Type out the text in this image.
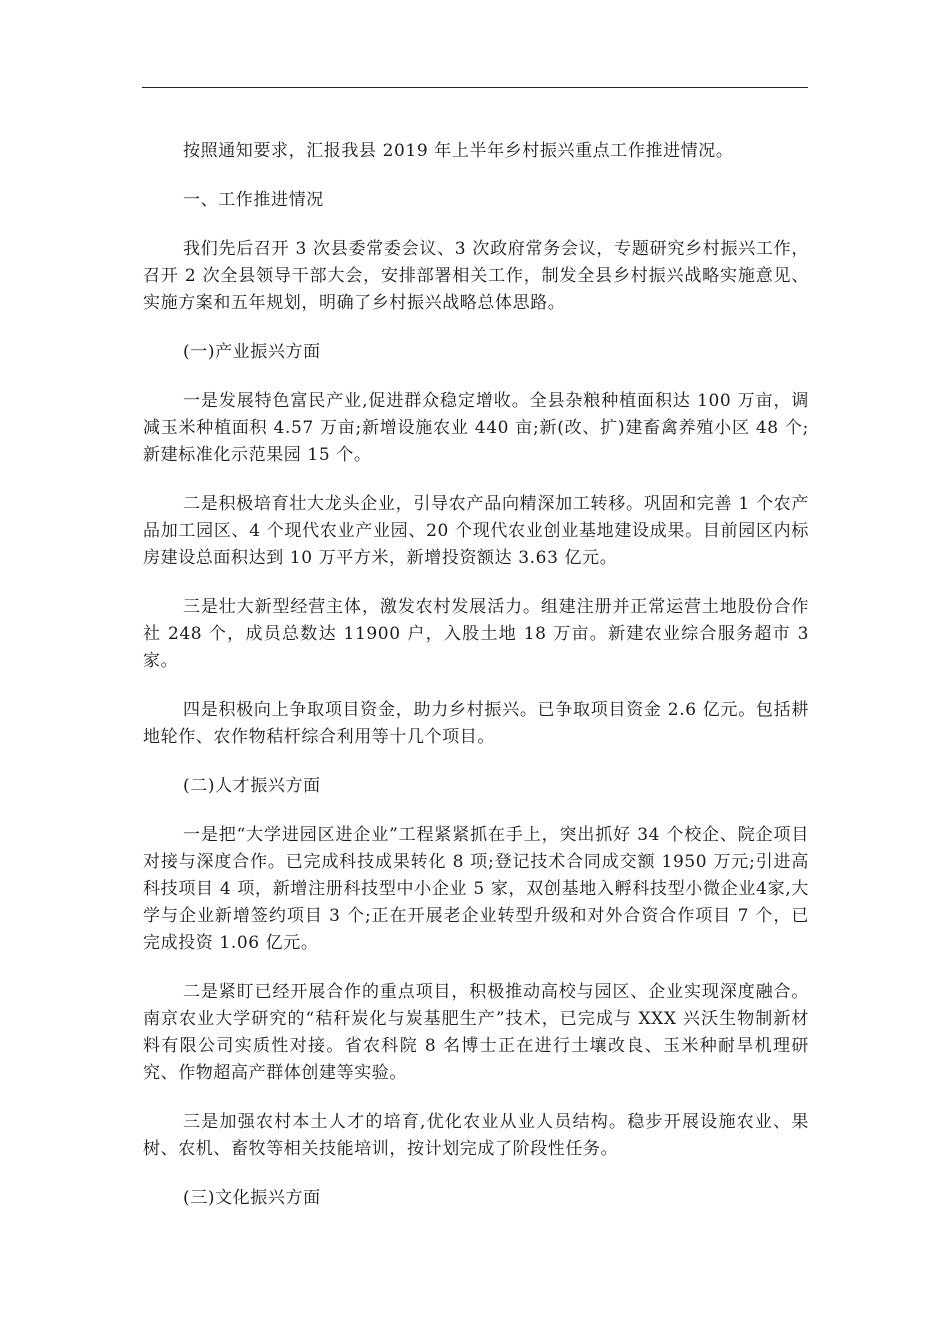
按照通知要求，汇报我县 2019 年上半年乡村振兴重点工作推进情况。

一、工作推进情况

我们先后召开 3 次县委常委会议、3 次政府常务会议，专题研究乡村振兴工作，召开 2 次全县领导干部大会，安排部署相关工作，制发全县乡村振兴战略实施意见、实施方案和五年规划，明确了乡村振兴战略总体思路。

(一)产业振兴方面

一是发展特色富民产业,促进群众稳定增收。全县杂粮种植面积达 100 万亩，调减玉米种植面积 4.57 万亩;新增设施农业 440 亩;新(改、扩)建畜禽养殖小区 48 个;新建标准化示范果园 15 个。

二是积极培育壮大龙头企业，引导农产品向精深加工转移。巩固和完善 1 个农产品加工园区、4 个现代农业产业园、20 个现代农业创业基地建设成果。目前园区内标房建设总面积达到 10 万平方米，新增投资额达 3.63 亿元。

三是壮大新型经营主体，激发农村发展活力。组建注册并正常运营土地股份合作社 248 个，成员总数达 11900 户，入股土地 18 万亩。新建农业综合服务超市 3 家。

四是积极向上争取项目资金，助力乡村振兴。已争取项目资金 2.6 亿元。包括耕地轮作、农作物秸杆综合利用等十几个项目。

(二)人才振兴方面

一是把“大学进园区进企业”工程紧紧抓在手上，突出抓好 34 个校企、院企项目对接与深度合作。已完成科技成果转化 8 项;登记技术合同成交额 1950 万元;引进高科技项目 4 项，新增注册科技型中小企业 5 家，双创基地入孵科技型小微企业4家,大学与企业新增签约项目 3 个;正在开展老企业转型升级和对外合资合作项目 7 个，已完成投资 1.06 亿元。

二是紧盯已经开展合作的重点项目，积极推动高校与园区、企业实现深度融合。南京农业大学研究的“秸秆炭化与炭基肥生产”技术，已完成与 XXX 兴沃生物制新材料有限公司实质性对接。省农科院 8 名博士正在进行土壤改良、玉米种耐旱机理研究、作物超高产群体创建等实验。

三是加强农村本土人才的培育,优化农业从业人员结构。稳步开展设施农业、果树、农机、畜牧等相关技能培训，按计划完成了阶段性任务。

(三)文化振兴方面
